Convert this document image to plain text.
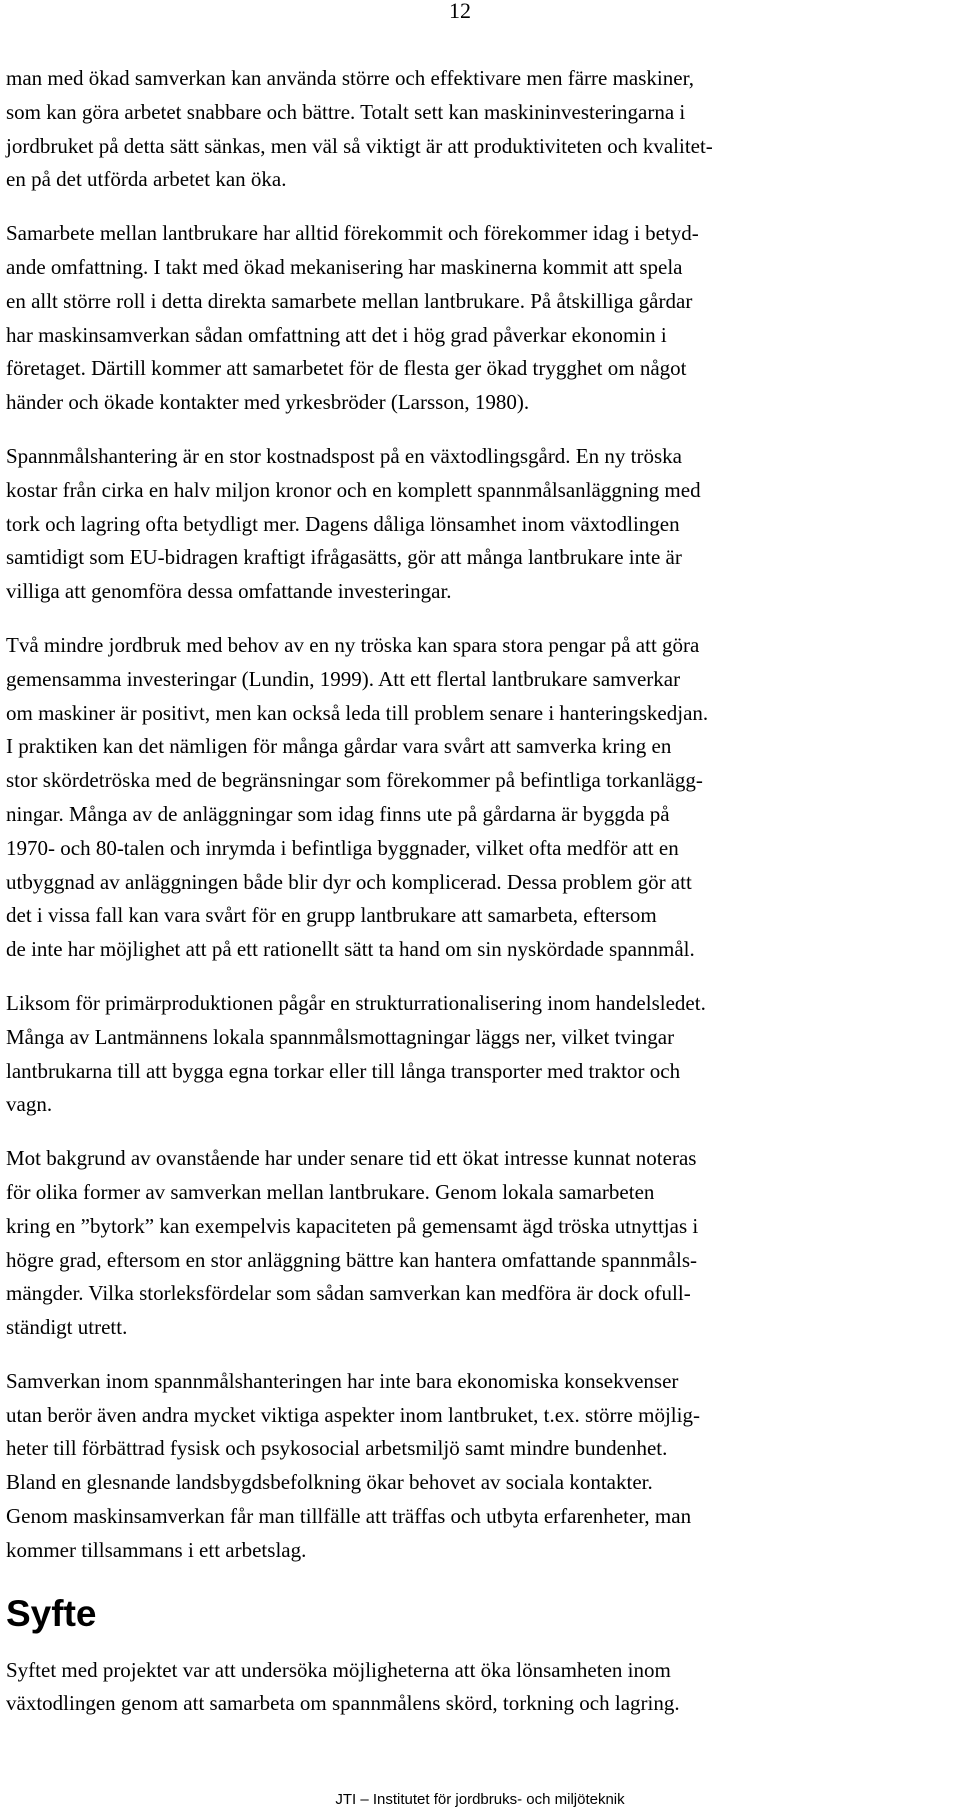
12

man med ökad samverkan kan använda större och effektivare men färre maskiner,
som kan göra arbetet snabbare och bättre. Totalt sett kan maskininvesteringarna i
jordbruket på detta sätt sänkas, men väl så viktigt är att produktiviteten och kvalitet-
en på det utförda arbetet kan öka.

Samarbete mellan lantbrukare har alltid förekommit och förekommer idag i betyd-
ande omfattning. I takt med ökad mekanisering har maskinerna kommit att spela
en allt större roll i detta direkta samarbete mellan lantbrukare. På åtskilliga gårdar
har maskinsamverkan sådan omfattning att det i hög grad påverkar ekonomin i
företaget. Därtill kommer att samarbetet för de flesta ger ökad trygghet om något
händer och ökade kontakter med yrkesbröder (Larsson, 1980).

Spannmålshantering är en stor kostnadspost på en växtodlingsgård. En ny tröska
kostar från cirka en halv miljon kronor och en komplett spannmålsanläggning med
tork och lagring ofta betydligt mer. Dagens dåliga lönsamhet inom växtodlingen
samtidigt som EU-bidragen kraftigt ifrågasätts, gör att många lantbrukare inte är
villiga att genomföra dessa omfattande investeringar.

Två mindre jordbruk med behov av en ny tröska kan spara stora pengar på att göra
gemensamma investeringar (Lundin, 1999). Att ett flertal lantbrukare samverkar
om maskiner är positivt, men kan också leda till problem senare i hanteringskedjan.
I praktiken kan det nämligen för många gårdar vara svårt att samverka kring en
stor skördetröska med de begränsningar som förekommer på befintliga torkanlägg-
ningar. Många av de anläggningar som idag finns ute på gårdarna är byggda på
1970- och 80-talen och inrymda i befintliga byggnader, vilket ofta medför att en
utbyggnad av anläggningen både blir dyr och komplicerad. Dessa problem gör att
det i vissa fall kan vara svårt för en grupp lantbrukare att samarbeta, eftersom
de inte har möjlighet att på ett rationellt sätt ta hand om sin nyskördade spannmål.

Liksom för primärproduktionen pågår en strukturrationalisering inom handelsledet.
Många av Lantmännens lokala spannmålsmottagningar läggs ner, vilket tvingar
lantbrukarna till att bygga egna torkar eller till långa transporter med traktor och
vagn.

Mot bakgrund av ovanstående har under senare tid ett ökat intresse kunnat noteras
för olika former av samverkan mellan lantbrukare. Genom lokala samarbeten
kring en ”bytork” kan exempelvis kapaciteten på gemensamt ägd tröska utnyttjas i
högre grad, eftersom en stor anläggning bättre kan hantera omfattande spannmåls-
mängder. Vilka storleksfördelar som sådan samverkan kan medföra är dock ofull-
ständigt utrett.

Samverkan inom spannmålshanteringen har inte bara ekonomiska konsekvenser
utan berör även andra mycket viktiga aspekter inom lantbruket, t.ex. större möjlig-
heter till förbättrad fysisk och psykosocial arbetsmiljö samt mindre bundenhet.
Bland en glesnande landsbygdsbefolkning ökar behovet av sociala kontakter.
Genom maskinsamverkan får man tillfälle att träffas och utbyta erfarenheter, man
kommer tillsammans i ett arbetslag.

Syfte

Syftet med projektet var att undersöka möjligheterna att öka lönsamheten inom
växtodlingen genom att samarbeta om spannmålens skörd, torkning och lagring.

JTI – Institutet för jordbruks- och miljöteknik
